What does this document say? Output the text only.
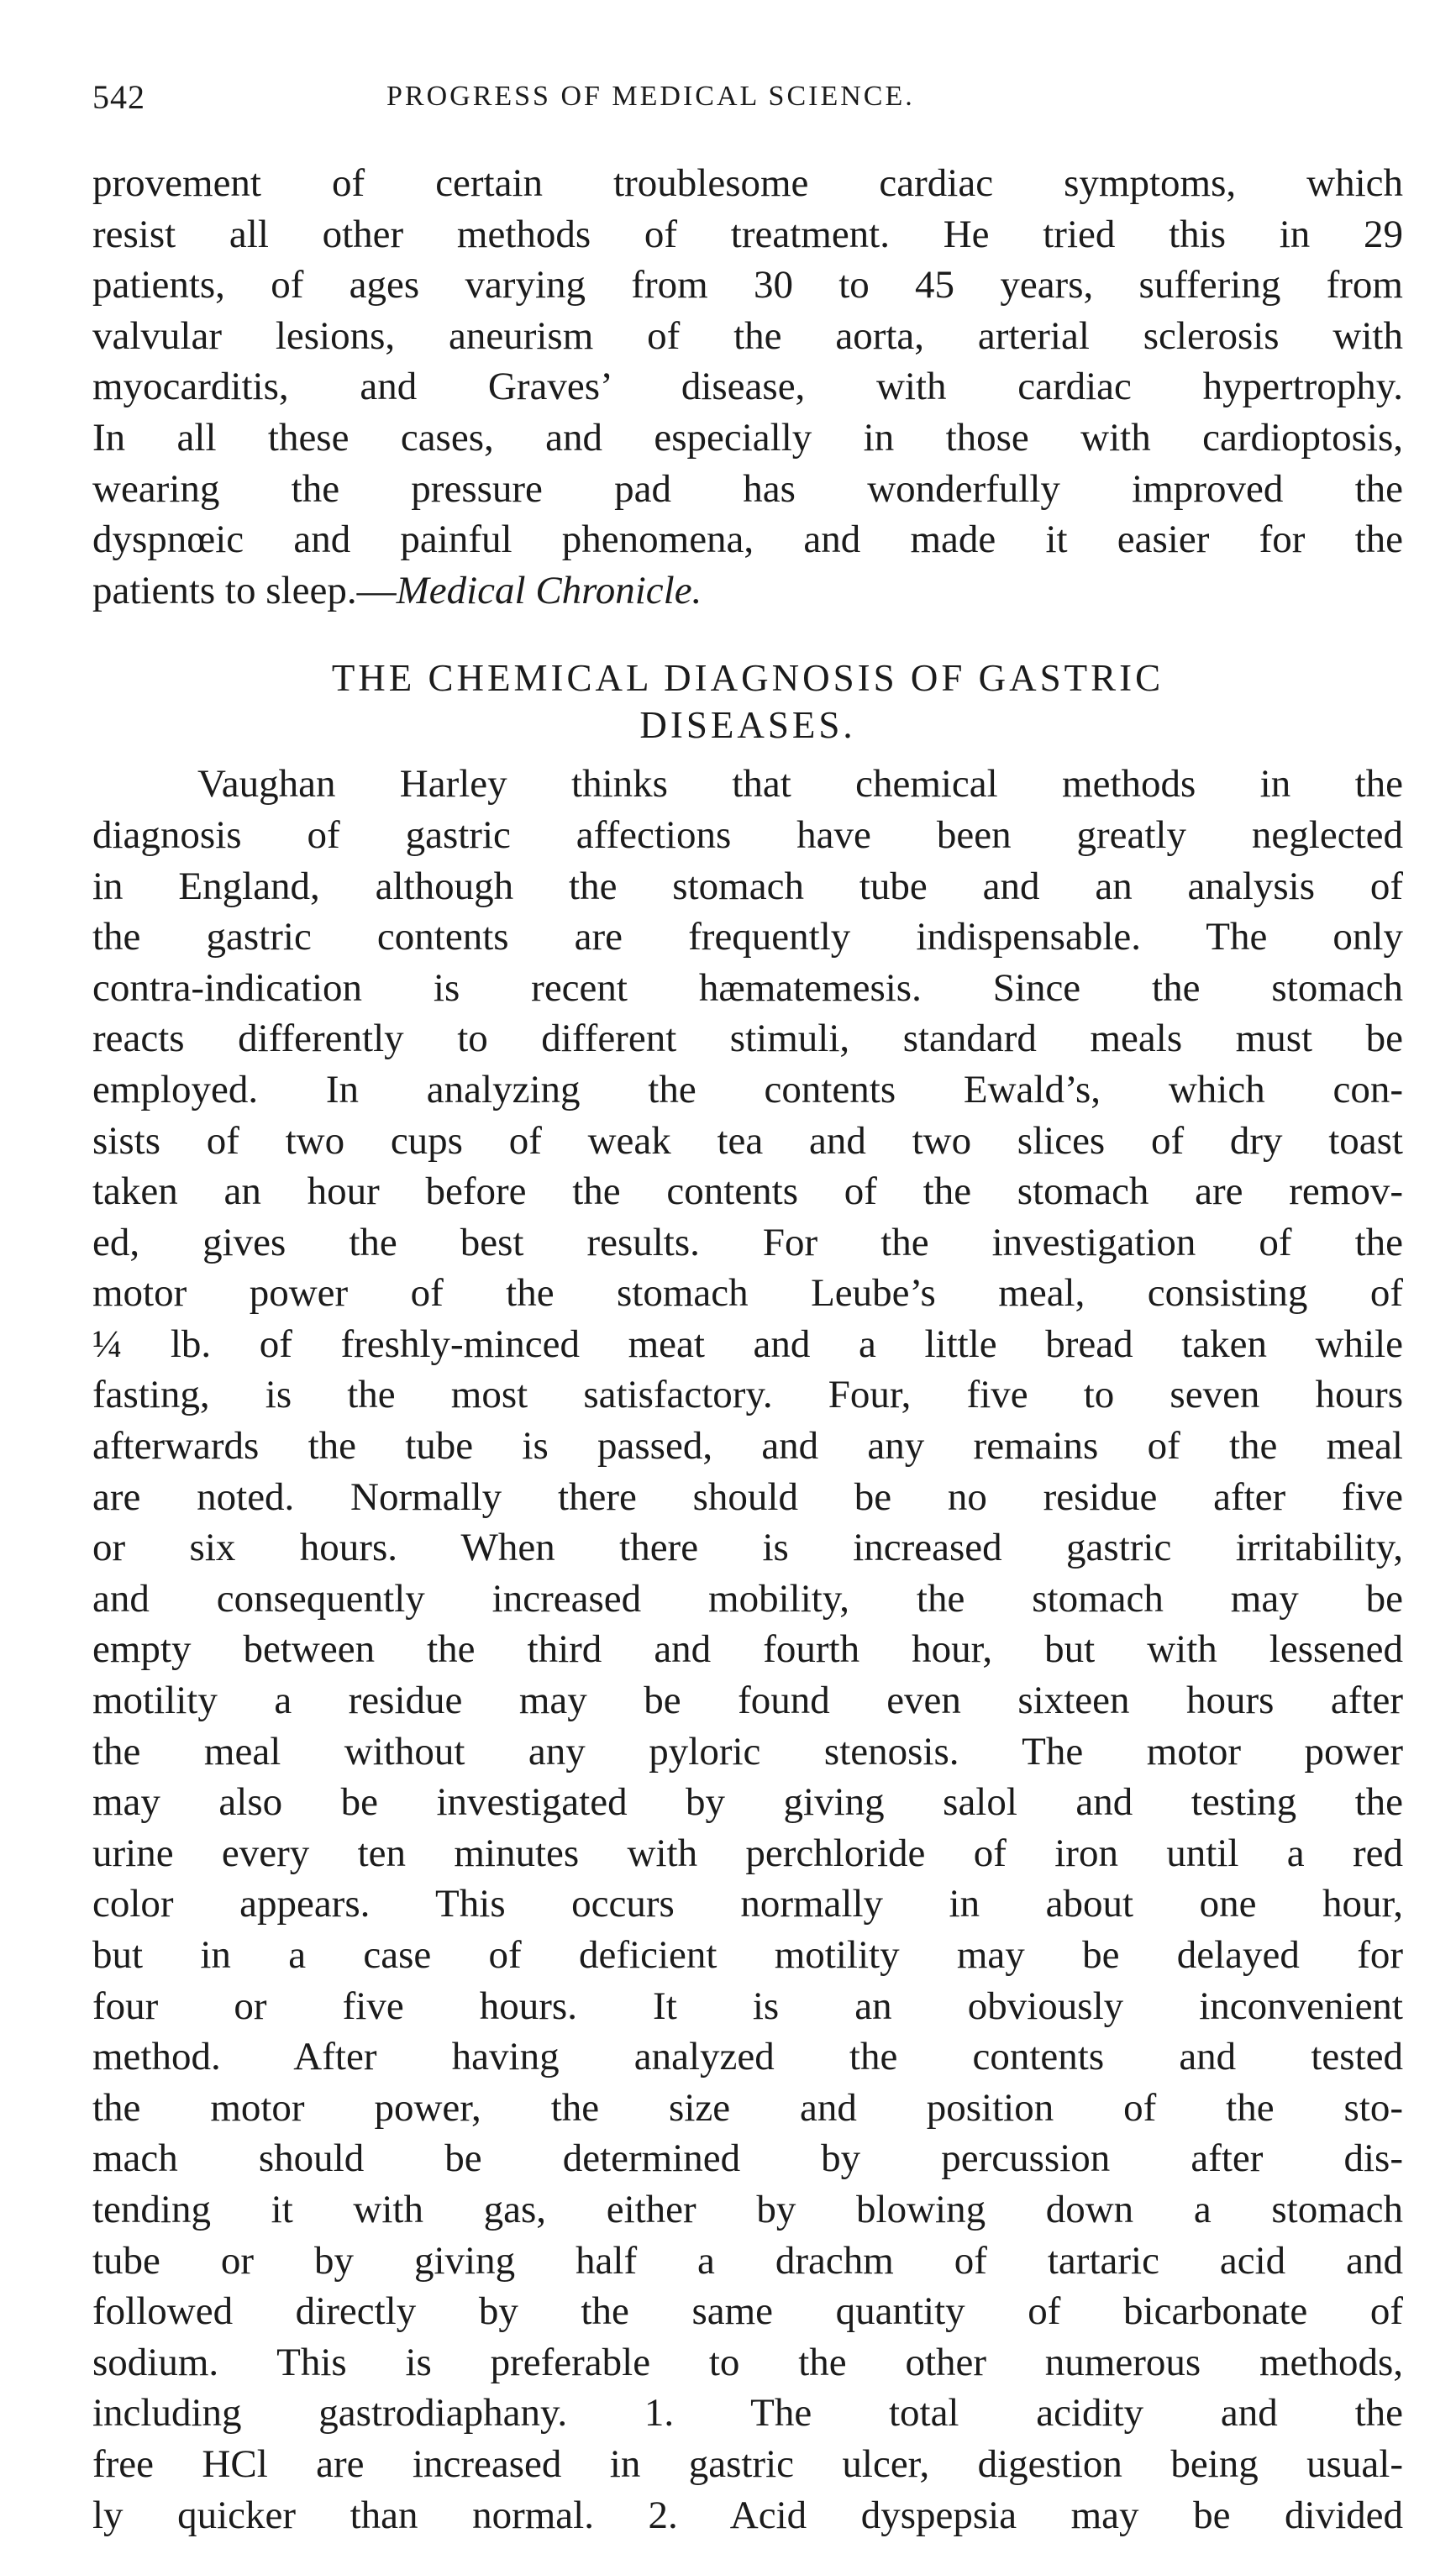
542	PROGRESS OF MEDICAL SCIENCE.
provement of certain troublesome cardiac symptoms, which
resist all other methods of treatment. He tried this in 29
patients, of ages varying from 30 to 45 years, suffering from
valvular lesions, aneurism of the aorta, arterial sclerosis with
myocarditis, and Graves’ disease, with cardiac hypertrophy.
In all these cases, and especially in those with cardioptosis,
wearing the pressure pad has wonderfully improved the
dyspnœic and painful phenomena, and made it easier for the
patients to sleep.—Medical Chronicle.
THE CHEMICAL DIAGNOSIS OF GASTRIC
DISEASES.
Vaughan Harley thinks that chemical methods in the
diagnosis of gastric affections have been greatly neglected
in England, although the stomach tube and an analysis of
the gastric contents are frequently indispensable. The only
contra-indication is recent hæmatemesis. Since the stomach
reacts differently to different stimuli, standard meals must be
employed. In analyzing the contents Ewald’s, which con-
sists of two cups of weak tea and two slices of dry toast
taken an hour before the contents of the stomach are remov-
ed, gives the best results. For the investigation of the
motor power of the stomach Leube’s meal, consisting of
¼ lb. of freshly-minced meat and a little bread taken while
fasting, is the most satisfactory. Four, five to seven hours
afterwards the tube is passed, and any remains of the meal
are noted. Normally there should be no residue after five
or six hours. When there is increased gastric irritability,
and consequently increased mobility, the stomach may be
empty between the third and fourth hour, but with lessened
motility a residue may be found even sixteen hours after
the meal without any pyloric stenosis. The motor power
may also be investigated by giving salol and testing the
urine every ten minutes with perchloride of iron until a red
color appears. This occurs normally in about one hour,
but in a case of deficient motility may be delayed for
four or five hours. It is an obviously inconvenient
method. After having analyzed the contents and tested
the motor power, the size and position of the sto-
mach should be determined by percussion after dis-
tending it with gas, either by blowing down a stomach
tube or by giving half a drachm of tartaric acid and
followed directly by the same quantity of bicarbonate of
sodium. This is preferable to the other numerous methods,
including gastrodiaphany. 1. The total acidity and the
free HCl are increased in gastric ulcer, digestion being usual-
ly quicker than normal. 2. Acid dyspepsia may be divided
